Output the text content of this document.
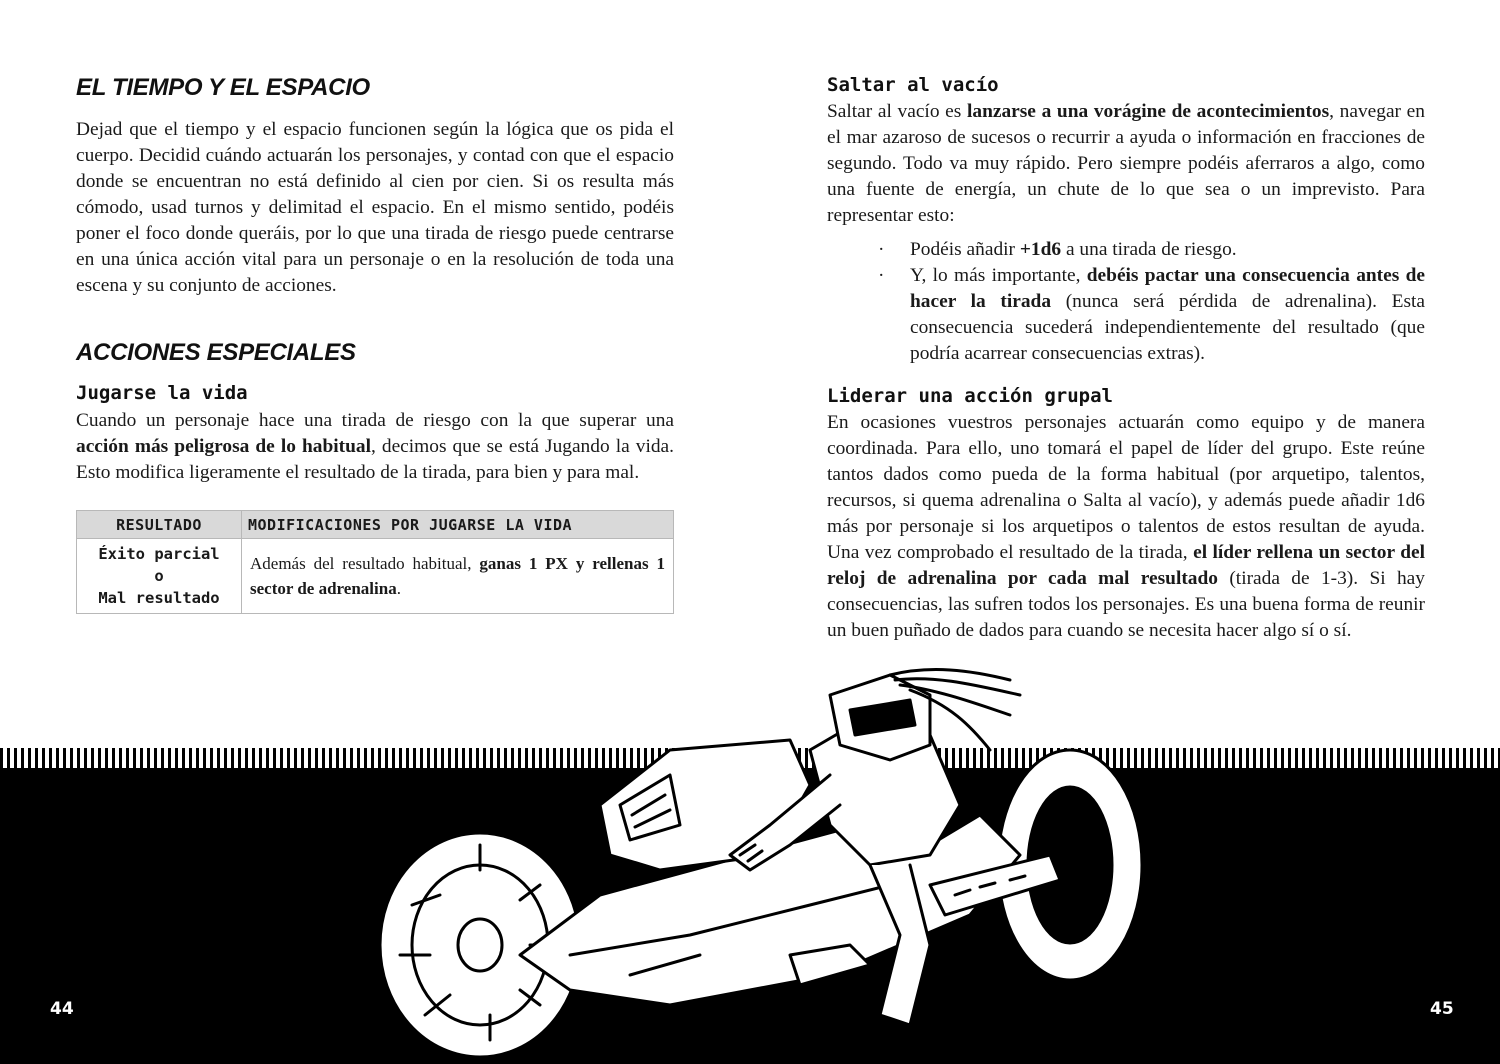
EL TIEMPO Y EL ESPACIO

Dejad que el tiempo y el espacio funcionen según la lógica que os pida el cuerpo. Decidid cuándo actuarán los personajes, y contad con que el espacio donde se encuentran no está definido al cien por cien. Si os resulta más cómodo, usad turnos y delimitad el espacio. En el mismo sentido, podéis poner el foco donde queráis, por lo que una tirada de riesgo puede centrarse en una única acción vital para un personaje o en la resolución de toda una escena y su conjunto de acciones.

ACCIONES ESPECIALES
Jugarse la vida

Cuando un personaje hace una tirada de riesgo con la que superar una acción más peligrosa de lo habitual, decimos que se está Jugando la vida. Esto modifica ligeramente el resultado de la tirada, para bien y para mal.

RESULTADO	MODIFICACIONES POR JUGARSE LA VIDA

Éxito parcial
o
Mal resultado	Además del resultado habitual, ganas 1 PX y rellenas 1 sector de adrenalina.
Saltar al vacío

Saltar al vacío es lanzarse a una vorágine de acontecimientos, navegar en el mar azaroso de sucesos o recurrir a ayuda o información en fracciones de segundo. Todo va muy rápido. Pero siempre podéis aferraros a algo, como una fuente de energía, un chute de lo que sea o un imprevisto. Para representar esto:

· Podéis añadir +1d6 a una tirada de riesgo.
· Y, lo más importante, debéis pactar una consecuencia antes de hacer la tirada (nunca será pérdida de adrenalina). Esta consecuencia sucederá independientemente del resultado (que podría acarrear consecuencias extras).
Liderar una acción grupal

En ocasiones vuestros personajes actuarán como equipo y de manera coordinada. Para ello, uno tomará el papel de líder del grupo. Este reúne tantos dados como pueda de la forma habitual (por arquetipo, talentos, recursos, si quema adrenalina o Salta al vacío), y además puede añadir 1d6 más por personaje si los arquetipos o talentos de estos resultan de ayuda. Una vez comprobado el resultado de la tirada, el líder rellena un sector del reloj de adrenalina por cada mal resultado (tirada de 1-3). Si hay consecuencias, las sufren todos los personajes. Es una buena forma de reunir un buen puñado de dados para cuando se necesita hacer algo sí o sí.

44	45
